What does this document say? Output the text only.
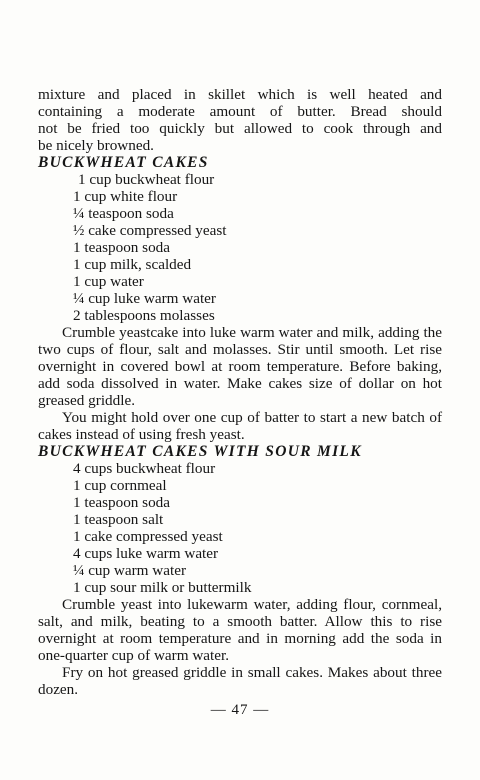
mixture and placed in skillet which is well heated and
containing a moderate amount of butter. Bread should
not be fried too quickly but allowed to cook through and
be nicely browned.
BUCKWHEAT CAKES
1 cup buckwheat flour
1 cup white flour
¼ teaspoon soda
½ cake compressed yeast
1 teaspoon soda
1 cup milk, scalded
1 cup water
¼ cup luke warm water
2 tablespoons molasses

Crumble yeastcake into luke warm water and milk, adding the two cups of flour, salt and molasses. Stir until smooth. Let rise overnight in covered bowl at room temperature. Before baking, add soda dissolved in water. Make cakes size of dollar on hot greased griddle.

You might hold over one cup of batter to start a new batch of cakes instead of using fresh yeast.

BUCKWHEAT CAKES WITH SOUR MILK
4 cups buckwheat flour
1 cup cornmeal
1 teaspoon soda
1 teaspoon salt
1 cake compressed yeast
4 cups luke warm water
¼ cup warm water
1 cup sour milk or buttermilk

Crumble yeast into lukewarm water, adding flour, cornmeal, salt, and milk, beating to a smooth batter. Allow this to rise overnight at room temperature and in morning add the soda in one-quarter cup of warm water.

Fry on hot greased griddle in small cakes. Makes about three dozen.

— 47 —
